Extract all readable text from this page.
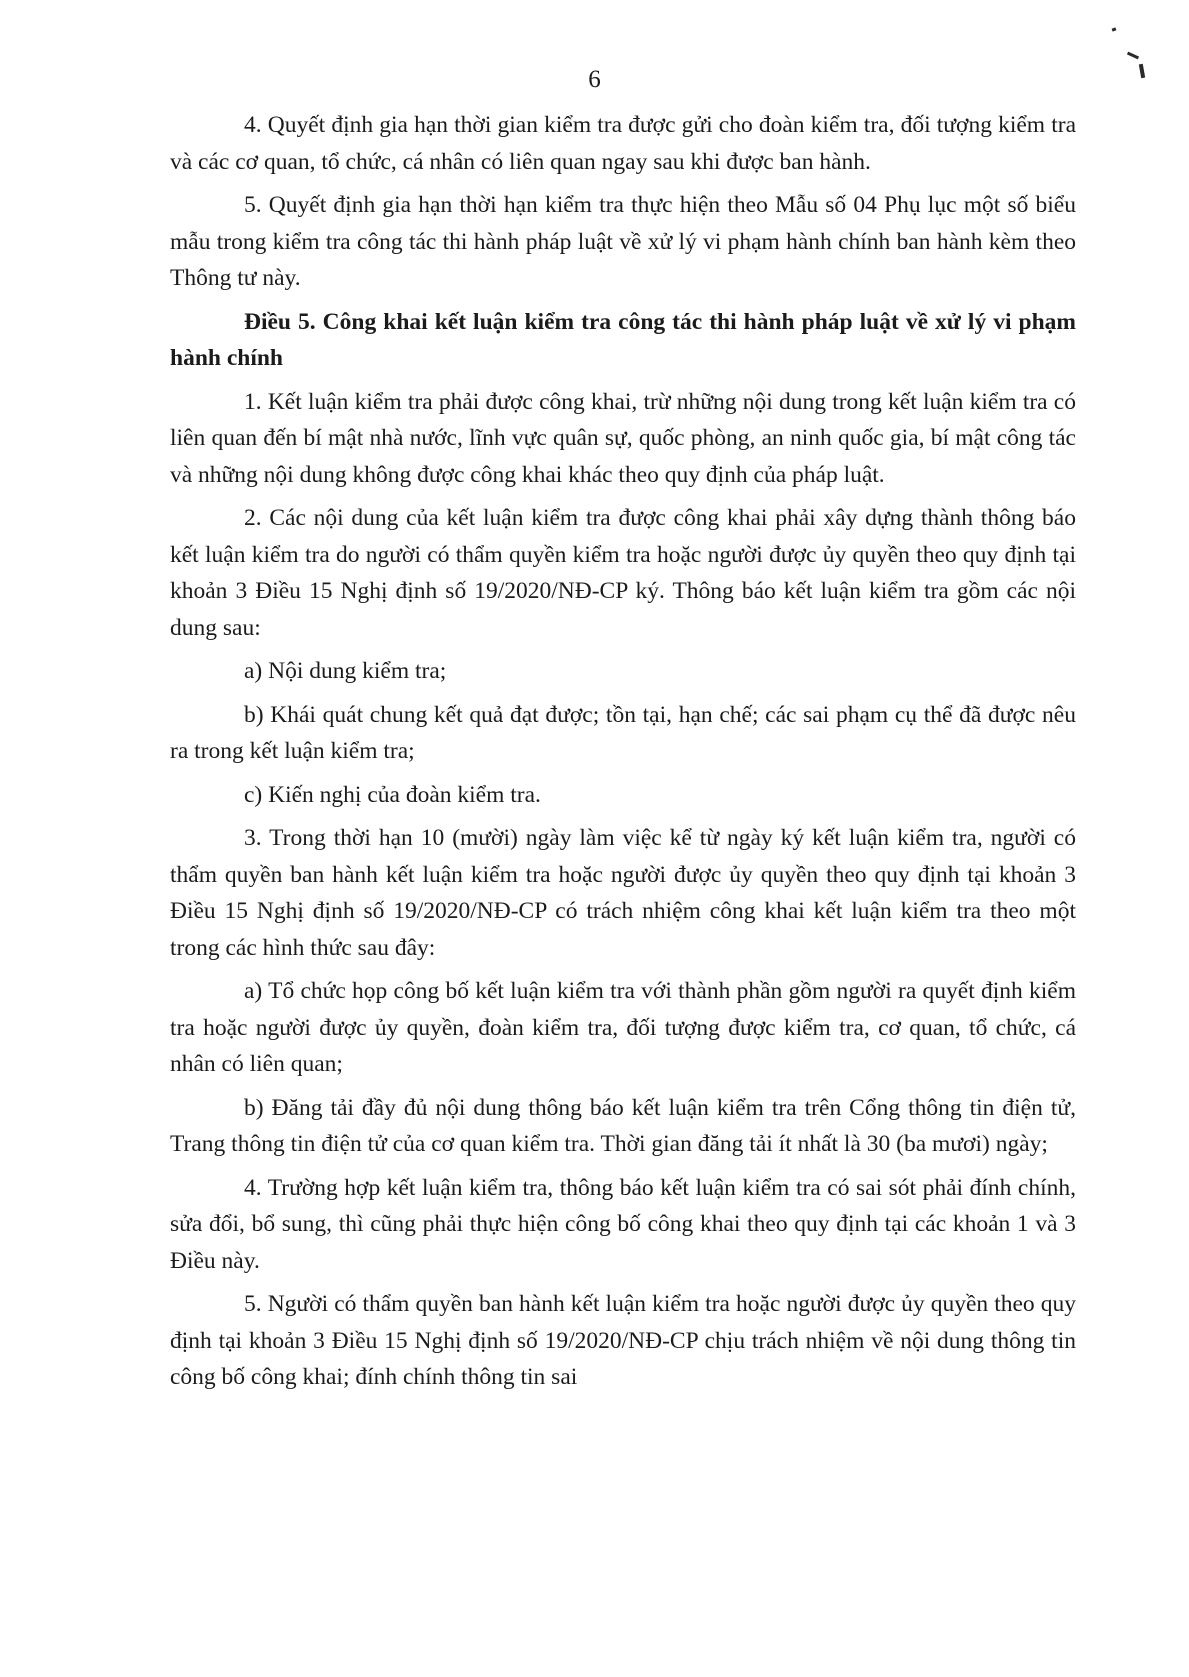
6

4. Quyết định gia hạn thời gian kiểm tra được gửi cho đoàn kiểm tra, đối tượng kiểm tra và các cơ quan, tổ chức, cá nhân có liên quan ngay sau khi được ban hành.

5. Quyết định gia hạn thời hạn kiểm tra thực hiện theo Mẫu số 04 Phụ lục một số biểu mẫu trong kiểm tra công tác thi hành pháp luật về xử lý vi phạm hành chính ban hành kèm theo Thông tư này.

Điều 5. Công khai kết luận kiểm tra công tác thi hành pháp luật về xử lý vi phạm hành chính

1. Kết luận kiểm tra phải được công khai, trừ những nội dung trong kết luận kiểm tra có liên quan đến bí mật nhà nước, lĩnh vực quân sự, quốc phòng, an ninh quốc gia, bí mật công tác và những nội dung không được công khai khác theo quy định của pháp luật.

2. Các nội dung của kết luận kiểm tra được công khai phải xây dựng thành thông báo kết luận kiểm tra do người có thẩm quyền kiểm tra hoặc người được ủy quyền theo quy định tại khoản 3 Điều 15 Nghị định số 19/2020/NĐ-CP ký. Thông báo kết luận kiểm tra gồm các nội dung sau:

a) Nội dung kiểm tra;

b) Khái quát chung kết quả đạt được; tồn tại, hạn chế; các sai phạm cụ thể đã được nêu ra trong kết luận kiểm tra;

c) Kiến nghị của đoàn kiểm tra.

3. Trong thời hạn 10 (mười) ngày làm việc kể từ ngày ký kết luận kiểm tra, người có thẩm quyền ban hành kết luận kiểm tra hoặc người được ủy quyền theo quy định tại khoản 3 Điều 15 Nghị định số 19/2020/NĐ-CP có trách nhiệm công khai kết luận kiểm tra theo một trong các hình thức sau đây:

a) Tổ chức họp công bố kết luận kiểm tra với thành phần gồm người ra quyết định kiểm tra hoặc người được ủy quyền, đoàn kiểm tra, đối tượng được kiểm tra, cơ quan, tổ chức, cá nhân có liên quan;

b) Đăng tải đầy đủ nội dung thông báo kết luận kiểm tra trên Cổng thông tin điện tử, Trang thông tin điện tử của cơ quan kiểm tra. Thời gian đăng tải ít nhất là 30 (ba mươi) ngày;

4. Trường hợp kết luận kiểm tra, thông báo kết luận kiểm tra có sai sót phải đính chính, sửa đổi, bổ sung, thì cũng phải thực hiện công bố công khai theo quy định tại các khoản 1 và 3 Điều này.

5. Người có thẩm quyền ban hành kết luận kiểm tra hoặc người được ủy quyền theo quy định tại khoản 3 Điều 15 Nghị định số 19/2020/NĐ-CP chịu trách nhiệm về nội dung thông tin công bố công khai; đính chính thông tin sai
